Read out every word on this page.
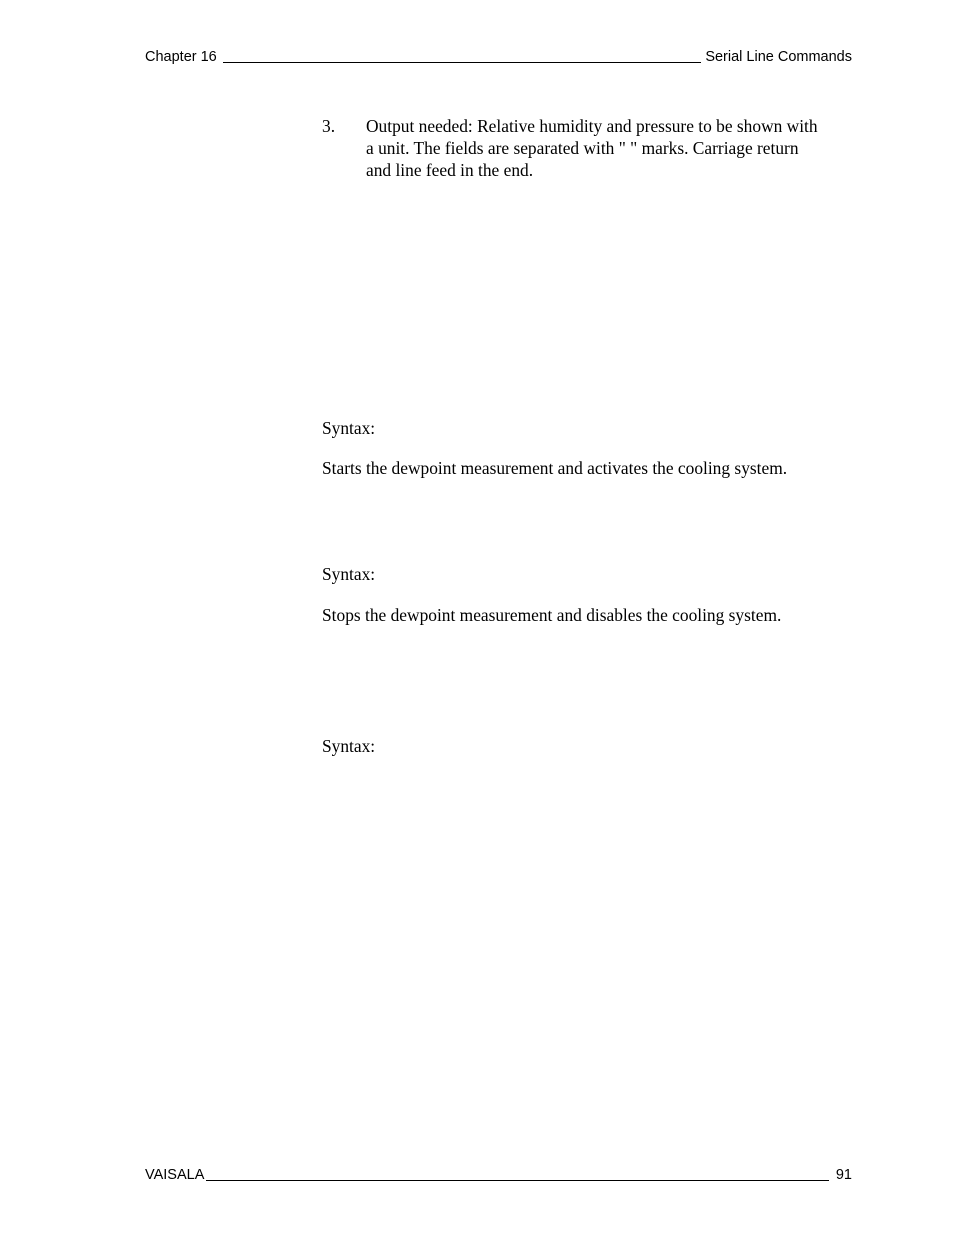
Chapter 16	Serial Line Commands
3.	Output needed: Relative humidity and pressure to be shown with
a unit. The fields are separated with " " marks. Carriage return
and line feed in the end.
Syntax:
Starts the dewpoint measurement and activates the cooling system.
Syntax:
Stops the dewpoint measurement and disables the cooling system.
Syntax:
VAISALA	91
